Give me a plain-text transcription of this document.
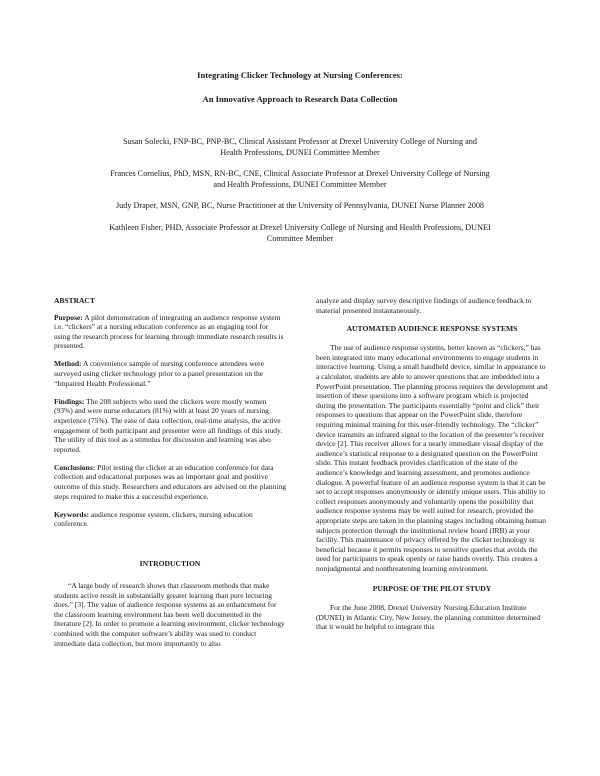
Integrating Clicker Technology at Nursing Conferences:
An Innovative Approach to Research Data Collection
Susan Solecki, FNP-BC, PNP-BC, Clinical Assistant Professor at Drexel University College of Nursing and Health Professions, DUNEI Committee Member
Frances Cornelius, PhD, MSN, RN-BC, CNE, Clinical Associate Professor at Drexel University College of Nursing and Health Professions, DUNEI Committee Member
Judy Draper, MSN, GNP, BC, Nurse Practitioner at the University of Pennsylvania, DUNEI Nurse Planner 2008
Kathleen Fisher, PHD, Associate Professor at Drexel University College of Nursing and Health Professions, DUNEI Committee Member

ABSTRACT

Purpose: A pilot demonstration of integrating an audience response system i.e. “clickers” at a nursing education conference as an engaging tool for using the research process for learning through immediate research results is presented.

Method: A convenience sample of nursing conference attendees were surveyed using clicker technology prior to a panel presentation on the “Impaired Health Professional.”

Findings: The 208 subjects who used the clickers were mostly women (93%) and were nurse educators (81%) with at least 20 years of nursing experience (75%). The ease of data collection, real-time analysis, the active engagement of both participant and presenter were all findings of this study. The utility of this tool as a stimulus for discussion and learning was also reported.

Conclusions: Pilot testing the clicker at an education conference for data collection and educational purposes was an important goal and positive outcome of this study. Researchers and educators are advised on the planning steps required to make this a successful experience.

Keywords: audience response system, clickers, nursing education conference.

INTRODUCTION

“A large body of research shows that classroom methods that make students active result in substantially greater learning than pure lecturing does.” [3]. The value of audience response systems as an enhancement for the classroom learning environment has been well documented in the literature [2]. In order to promote a learning environment, clicker technology combined with the computer software’s ability was used to conduct immediate data collection, but more importantly to also

analyze and display survey descriptive findings of audience feedback to material presented instantaneously.

AUTOMATED AUDIENCE RESPONSE SYSTEMS

The use of audience response systems, better known as “clickers,” has been integrated into many educational environments to engage students in interactive learning. Using a small handheld device, similar in appearance to a calculator, students are able to answer questions that are imbedded into a PowerPoint presentation. The planning process requires the development and insertion of these questions into a software program which is projected during the presentation. The participants essentially “point and click” their responses to questions that appear on the PowerPoint slide, therefore requiring minimal training for this user-friendly technology. The “clicker” device transmits an infrared signal to the location of the presenter’s receiver device [2]. This receiver allows for a nearly immediate visual display of the audience’s statistical response to a designated question on the PowerPoint slide. This instant feedback provides clarification of the state of the audience’s knowledge and learning assessment, and promotes audience dialogue. A powerful feature of an audience response system is that it can be set to accept responses anonymously or identify unique users. This ability to collect responses anonymously and voluntarily opens the possibility that audience response systems may be well suited for research, provided the appropriate steps are taken in the planning stages including obtaining human subjects protection through the institutional review board (IRB) at your facility. This maintenance of privacy offered by the clicker technology is beneficial because it permits responses to sensitive queries that avoids the need for participants to speak openly or raise hands overtly. This creates a nonjudgmental and nonthreatening learning environment.

PURPOSE OF THE PILOT STUDY

For the June 2008, Drexel University Nursing Education Institute (DUNEI) in Atlantic City, New Jersey, the planning committee determined that it would be helpful to integrate this
